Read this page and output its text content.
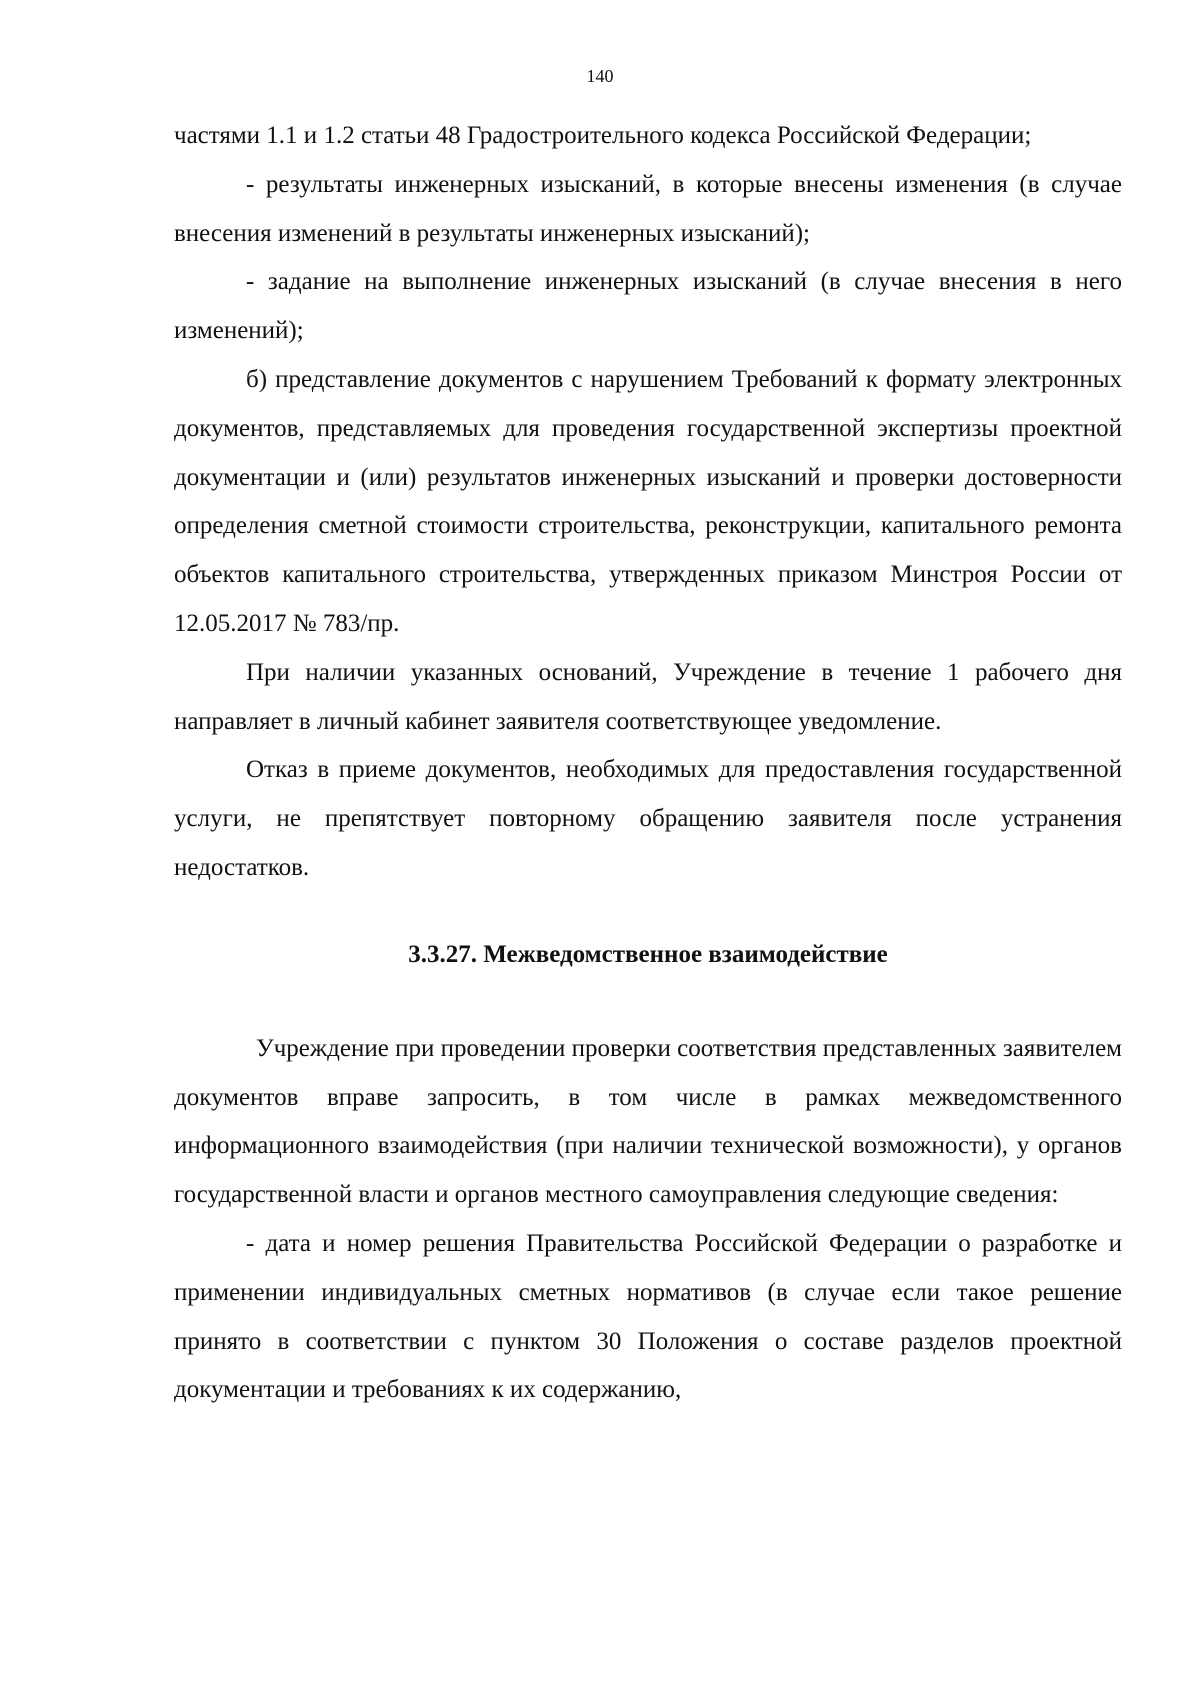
140

частями 1.1 и 1.2 статьи 48 Градостроительного кодекса Российской Федерации;

- результаты инженерных изысканий, в которые внесены изменения (в случае внесения изменений в результаты инженерных изысканий);

- задание на выполнение инженерных изысканий (в случае внесения в него изменений);

б) представление документов с нарушением Требований к формату электронных документов, представляемых для проведения государственной экспертизы проектной документации и (или) результатов инженерных изысканий и проверки достоверности определения сметной стоимости строительства, реконструкции, капитального ремонта объектов капитального строительства, утвержденных приказом Минстроя России от 12.05.2017 № 783/пр.

При наличии указанных оснований, Учреждение в течение 1 рабочего дня направляет в личный кабинет заявителя соответствующее уведомление.

Отказ в приеме документов, необходимых для предоставления государственной услуги, не препятствует повторному обращению заявителя после устранения недостатков.

3.3.27. Межведомственное взаимодействие

Учреждение при проведении проверки соответствия представленных заявителем документов вправе запросить, в том числе в рамках межведомственного информационного взаимодействия (при наличии технической возможности), у органов государственной власти и органов местного самоуправления следующие сведения:

- дата и номер решения Правительства Российской Федерации о разработке и применении индивидуальных сметных нормативов (в случае если такое решение принято в соответствии с пунктом 30 Положения о составе разделов проектной документации и требованиях к их содержанию,
